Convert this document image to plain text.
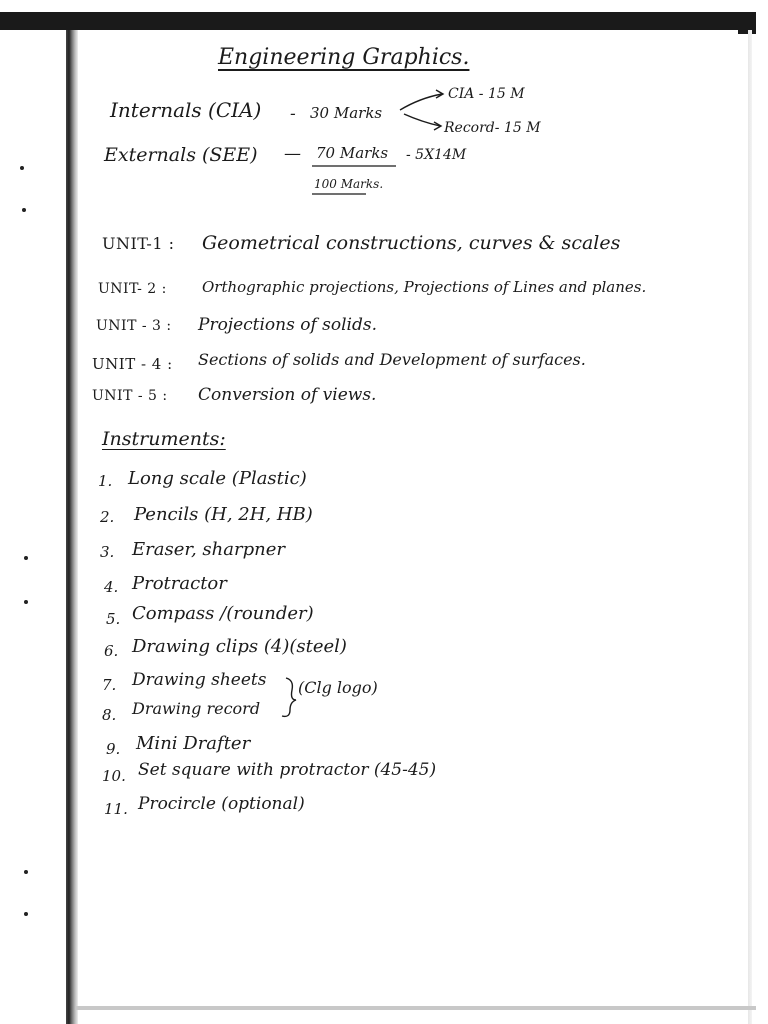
Engineering Graphics.
Internals (CIA) - 30 Marks
CIA - 15 M
Record- 15 M
Externals (SEE) — 70 Marks - 5X14M
100 Marks.
UNIT-1 : Geometrical constructions, curves & scales
UNIT- 2 : Orthographic projections, Projections of Lines and planes.
UNIT - 3 : Projections of solids.
UNIT - 4 : Sections of solids and Development of surfaces.
UNIT - 5 : Conversion of views.
Instruments:
1. Long scale (Plastic)
2. Pencils (H, 2H, HB)
3. Eraser, sharpner
4. Protractor
5. Compass /(rounder)
6. Drawing clips (4)(steel)
7. Drawing sheets
8. Drawing record
(Clg logo)
9. Mini Drafter
10. Set square with protractor (45-45)
11. Procircle (optional)
